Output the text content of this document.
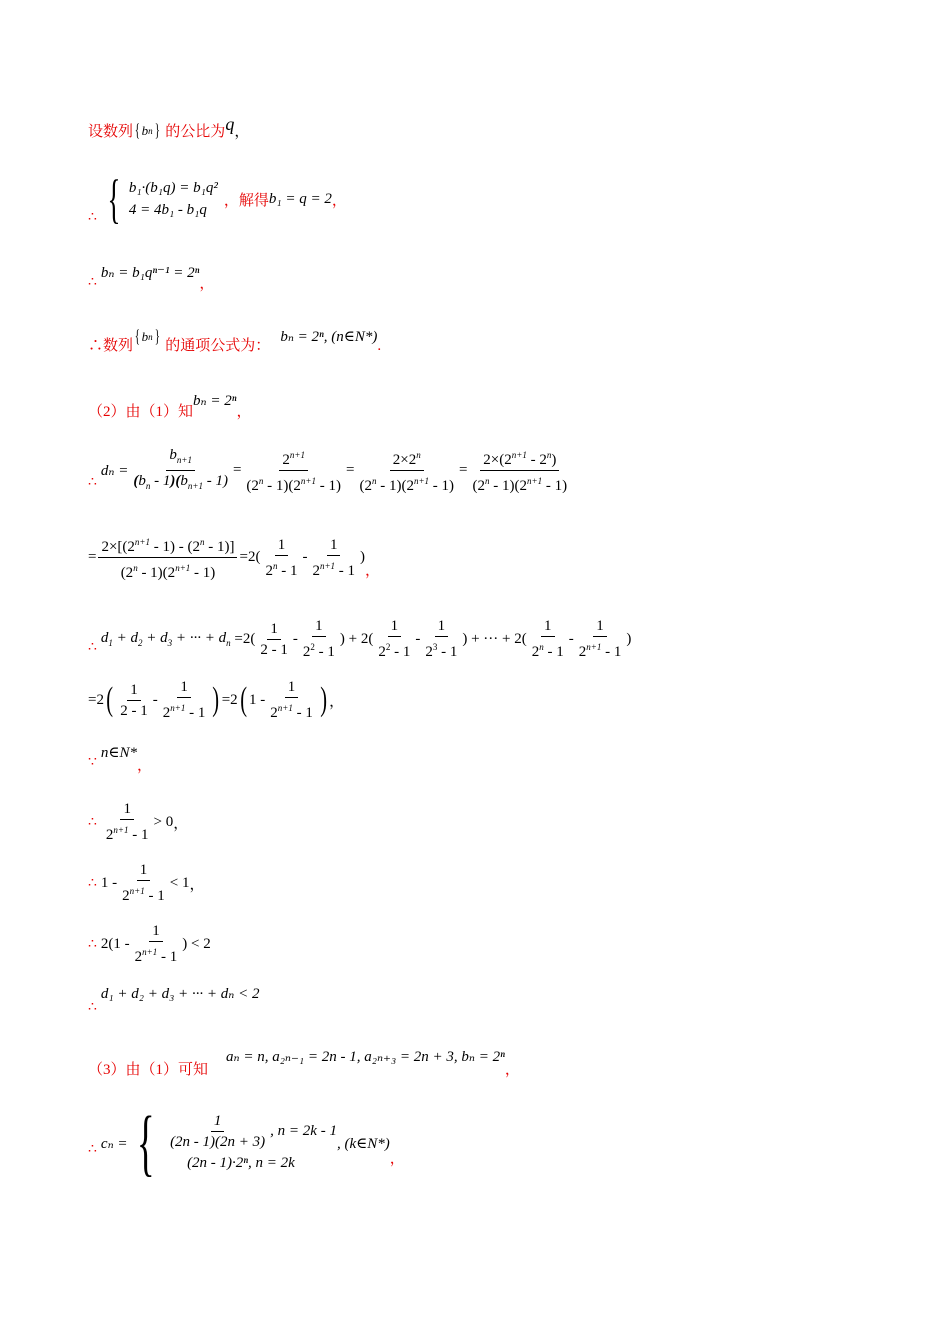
设数列 { b n } 的公比为 q ，
∴ { b₁·(b₁q) = b₁q²
4 = 4b₁ - b₁q
，解得 b₁ = q = 2 ，
∴
bₙ = b₁qⁿ⁻¹ = 2ⁿ
，
∴数列 { b n } 的通项公式为：
bₙ = 2ⁿ, (n∈N*)
.
（2）由（1）知
bₙ = 2ⁿ
，
∴
$d_n = \frac{b_{n+1}}{(b_n - 1)(b_{n+1} - 1)} = \frac{2^{n+1}}{(2^n - 1)(2^{n+1} - 1)} = \frac{2\times 2^n}{(2^n - 1)(2^{n+1} - 1)} = \frac{2\times(2^{n+1} - 2^n)}{(2^n - 1)(2^{n+1} - 1)}$
= $\frac{2\times[(2^{n+1} - 1) - (2^n - 1)]}{(2^n - 1)(2^{n+1} - 1)} =2( \frac{1}{2^n - 1} - \frac{1}{2^{n+1} - 1}$ )
，
∴
$d_1 + d_2 + d_3$ + ··· + $d_n =2( \frac{1}{2 - 1} - \frac{1}{2^2 - 1}$ ) + $2( \frac{1}{2^2 - 1} - \frac{1}{2^3 - 1}$ ) + ··· + $2( \frac{1}{2^n - 1} - \frac{1}{2^{n+1} - 1}$ )
=2 ( $\frac{1}{2 - 1} - \frac{1}{2^{n+1} - 1}$ ) =2 ( $1 - \frac{1}{2^{n+1} - 1}$ ) ，
∵
n∈N*
，
∴ $\frac{1}{2^{n+1} - 1} > 0$ ，
∴ $1 - \frac{1}{2^{n+1} - 1} < 1$ ，
∴ $2(1 - \frac{1}{2^{n+1} - 1}$ ) < 2
∴
d₁ + d₂ + d₃ + ··· + dₙ < 2
（3）由（1）可知
aₙ = n, a₂ₙ₋₁ = 2n - 1, a₂ₙ₊₃ = 2n + 3, bₙ = 2ⁿ
，
∴ cₙ = { $\frac{1}{(2n - 1)(2n + 3)}$ , n = 2k - 1
(2n - 1)·2ⁿ, n = 2k
, (k∈N*)
，
